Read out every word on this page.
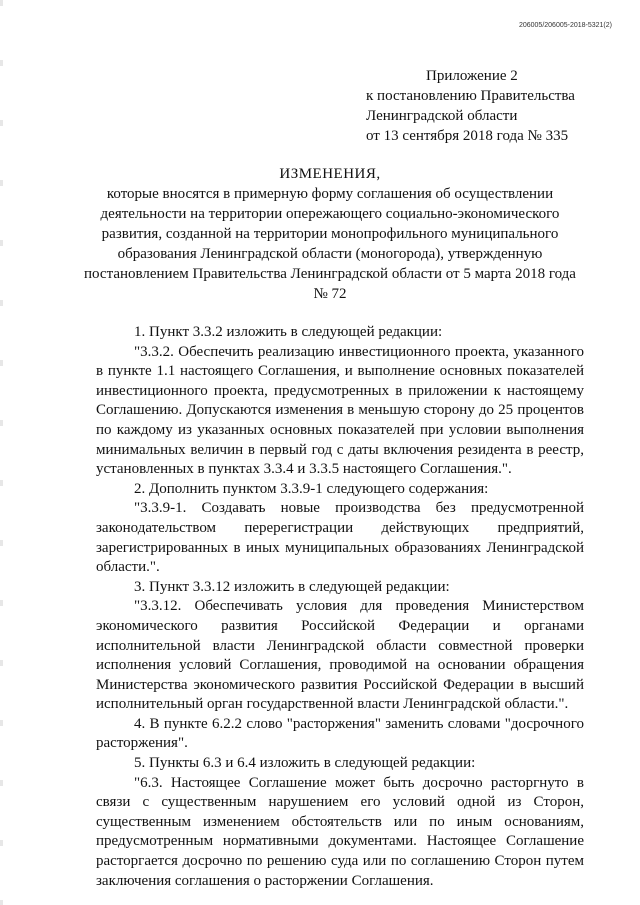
206005/206005-2018-5321(2)
Приложение 2
к постановлению Правительства
Ленинградской области
от 13 сентября 2018 года № 335
ИЗМЕНЕНИЯ,
которые вносятся в примерную форму соглашения об осуществлении деятельности на территории опережающего социально-экономического развития, созданной на территории монопрофильного муниципального образования Ленинградской области (моногорода), утвержденную постановлением Правительства Ленинградской области от 5 марта 2018 года № 72

1. Пункт 3.3.2 изложить в следующей редакции:

"3.3.2. Обеспечить реализацию инвестиционного проекта, указанного в пункте 1.1 настоящего Соглашения, и выполнение основных показателей инвестиционного проекта, предусмотренных в приложении к настоящему Соглашению. Допускаются изменения в меньшую сторону до 25 процентов по каждому из указанных основных показателей при условии выполнения минимальных величин в первый год с даты включения резидента в реестр, установленных в пунктах 3.3.4 и 3.3.5 настоящего Соглашения.".

2. Дополнить пунктом 3.3.9-1 следующего содержания:

"3.3.9-1. Создавать новые производства без предусмотренной законодательством перерегистрации действующих предприятий, зарегистрированных в иных муниципальных образованиях Ленинградской области.".

3. Пункт 3.3.12 изложить в следующей редакции:

"3.3.12. Обеспечивать условия для проведения Министерством экономического развития Российской Федерации и органами исполнительной власти Ленинградской области совместной проверки исполнения условий Соглашения, проводимой на основании обращения Министерства экономического развития Российской Федерации в высший исполнительный орган государственной власти Ленинградской области.".

4. В пункте 6.2.2 слово "расторжения" заменить словами "досрочного расторжения".

5. Пункты 6.3 и 6.4 изложить в следующей редакции:

"6.3. Настоящее Соглашение может быть досрочно расторгнуто в связи с существенным нарушением его условий одной из Сторон, существенным изменением обстоятельств или по иным основаниям, предусмотренным нормативными документами. Настоящее Соглашение расторгается досрочно по решению суда или по соглашению Сторон путем заключения соглашения о расторжении Соглашения.
